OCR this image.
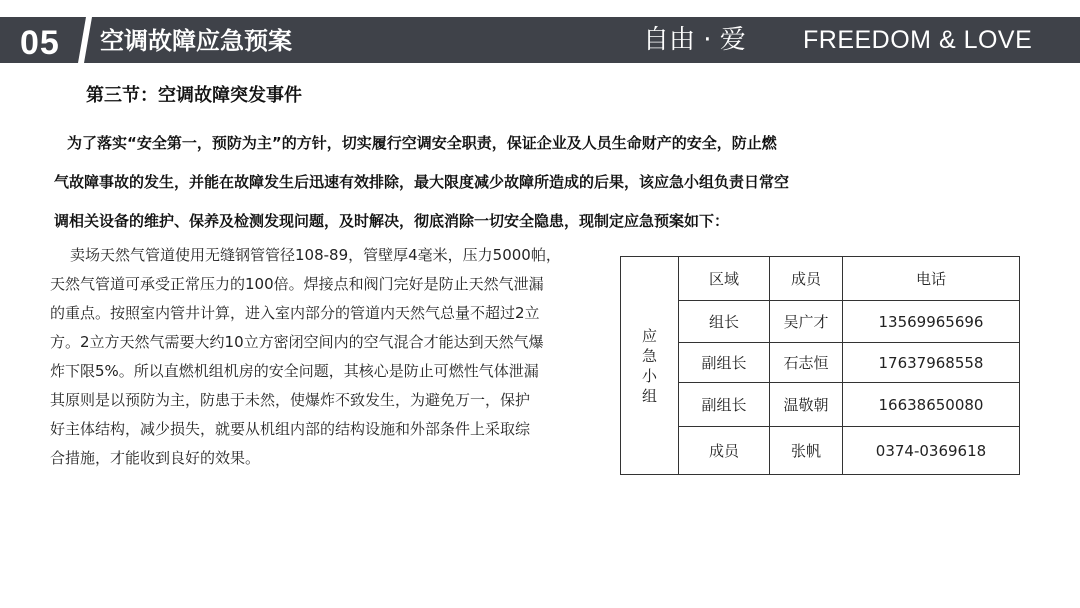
05 空调故障应急预案	自由 · 爱 FREEDOM & LOVE
第三节：空调故障突发事件
为了落实“安全第一，预防为主”的方针，切实履行空调安全职责，保证企业及人员生命财产的安全，防止燃
气故障事故的发生，并能在故障发生后迅速有效排除，最大限度减少故障所造成的后果，该应急小组负责日常空
调相关设备的维护、保养及检测发现问题，及时解决，彻底消除一切安全隐患，现制定应急预案如下：
卖场天然气管道使用无缝钢管管径108-89，管壁厚4毫米，压力5000帕，
天然气管道可承受正常压力的100倍。焊接点和阀门完好是防止天然气泄漏
的重点。按照室内管井计算，进入室内部分的管道内天然气总量不超过2立
方。2立方天然气需要大约10立方密闭空间内的空气混合才能达到天然气爆
炸下限5%。所以直燃机组机房的安全问题，其核心是防止可燃性气体泄漏
其原则是以预防为主，防患于未然，使爆炸不致发生，为避免万一，保护
好主体结构，减少损失，就要从机组内部的结构设施和外部条件上采取综
合措施，才能收到良好的效果。
应急小组	区域	成员	电话
	组长	吴广才	13569965696
	副组长	石志恒	17637968558
	副组长	温敬朝	16638650080
	成员	张帆	0374-0369618
